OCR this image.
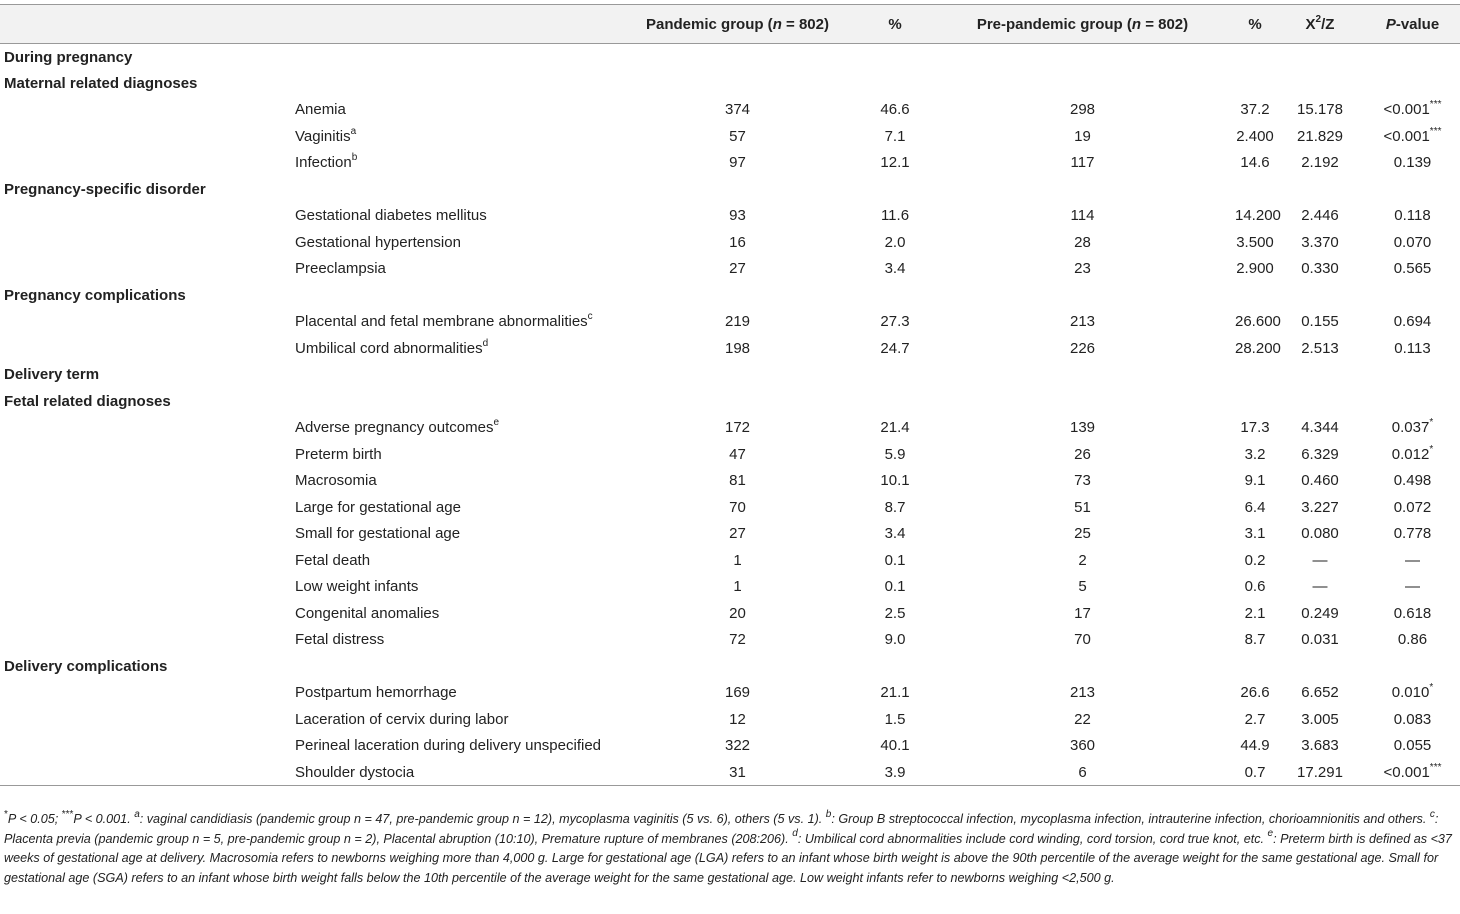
	Pandemic group (n = 802)	%	Pre-pandemic group (n = 802)	%	$X^2/Z$	P-value
During pregnancy						
Maternal related diagnoses						
Anemia	374	46.6	298	37.2	15.178	<0.001***
Vaginitis$^a$	57	7.1	19	2.400	21.829	<0.001***
Infection$^b$	97	12.1	117	14.6	2.192	0.139
Pregnancy-specific disorder						
Gestational diabetes mellitus	93	11.6	114	14.200	2.446	0.118
Gestational hypertension	16	2.0	28	3.500	3.370	0.070
Preeclampsia	27	3.4	23	2.900	0.330	0.565
Pregnancy complications						
Placental and fetal membrane abnormalities$^c$	219	27.3	213	26.600	0.155	0.694
Umbilical cord abnormalities$^d$	198	24.7	226	28.200	2.513	0.113
Delivery term						
Fetal related diagnoses						
Adverse pregnancy outcomes$^e$	172	21.4	139	17.3	4.344	0.037*
Preterm birth	47	5.9	26	3.2	6.329	0.012*
Macrosomia	81	10.1	73	9.1	0.460	0.498
Large for gestational age	70	8.7	51	6.4	3.227	0.072
Small for gestational age	27	3.4	25	3.1	0.080	0.778
Fetal death	1	0.1	2	0.2	—	—
Low weight infants	1	0.1	5	0.6	—	—
Congenital anomalies	20	2.5	17	2.1	0.249	0.618
Fetal distress	72	9.0	70	8.7	0.031	0.86
Delivery complications						
Postpartum hemorrhage	169	21.1	213	26.6	6.652	0.010*
Laceration of cervix during labor	12	1.5	22	2.7	3.005	0.083
Perineal laceration during delivery unspecified	322	40.1	360	44.9	3.683	0.055
Shoulder dystocia	31	3.9	6	0.7	17.291	<0.001***
*P < 0.05; ***P < 0.001. $^a$: vaginal candidiasis (pandemic group n = 47, pre-pandemic group n = 12), mycoplasma vaginitis (5 vs. 6), others (5 vs. 1). $^b$: Group B streptococcal infection, mycoplasma infection, intrauterine infection, chorioamnionitis and others. $^c$: Placenta previa (pandemic group n = 5, pre-pandemic group n = 2), Placental abruption (10:10), Premature rupture of membranes (208:206). $^d$: Umbilical cord abnormalities include cord winding, cord torsion, cord true knot, etc. $^e$: Preterm birth is defined as <37 weeks of gestational age at delivery. Macrosomia refers to newborns weighing more than 4,000 g. Large for gestational age (LGA) refers to an infant whose birth weight is above the 90th percentile of the average weight for the same gestational age. Small for gestational age (SGA) refers to an infant whose birth weight falls below the 10th percentile of the average weight for the same gestational age. Low weight infants refer to newborns weighing <2,500 g.
